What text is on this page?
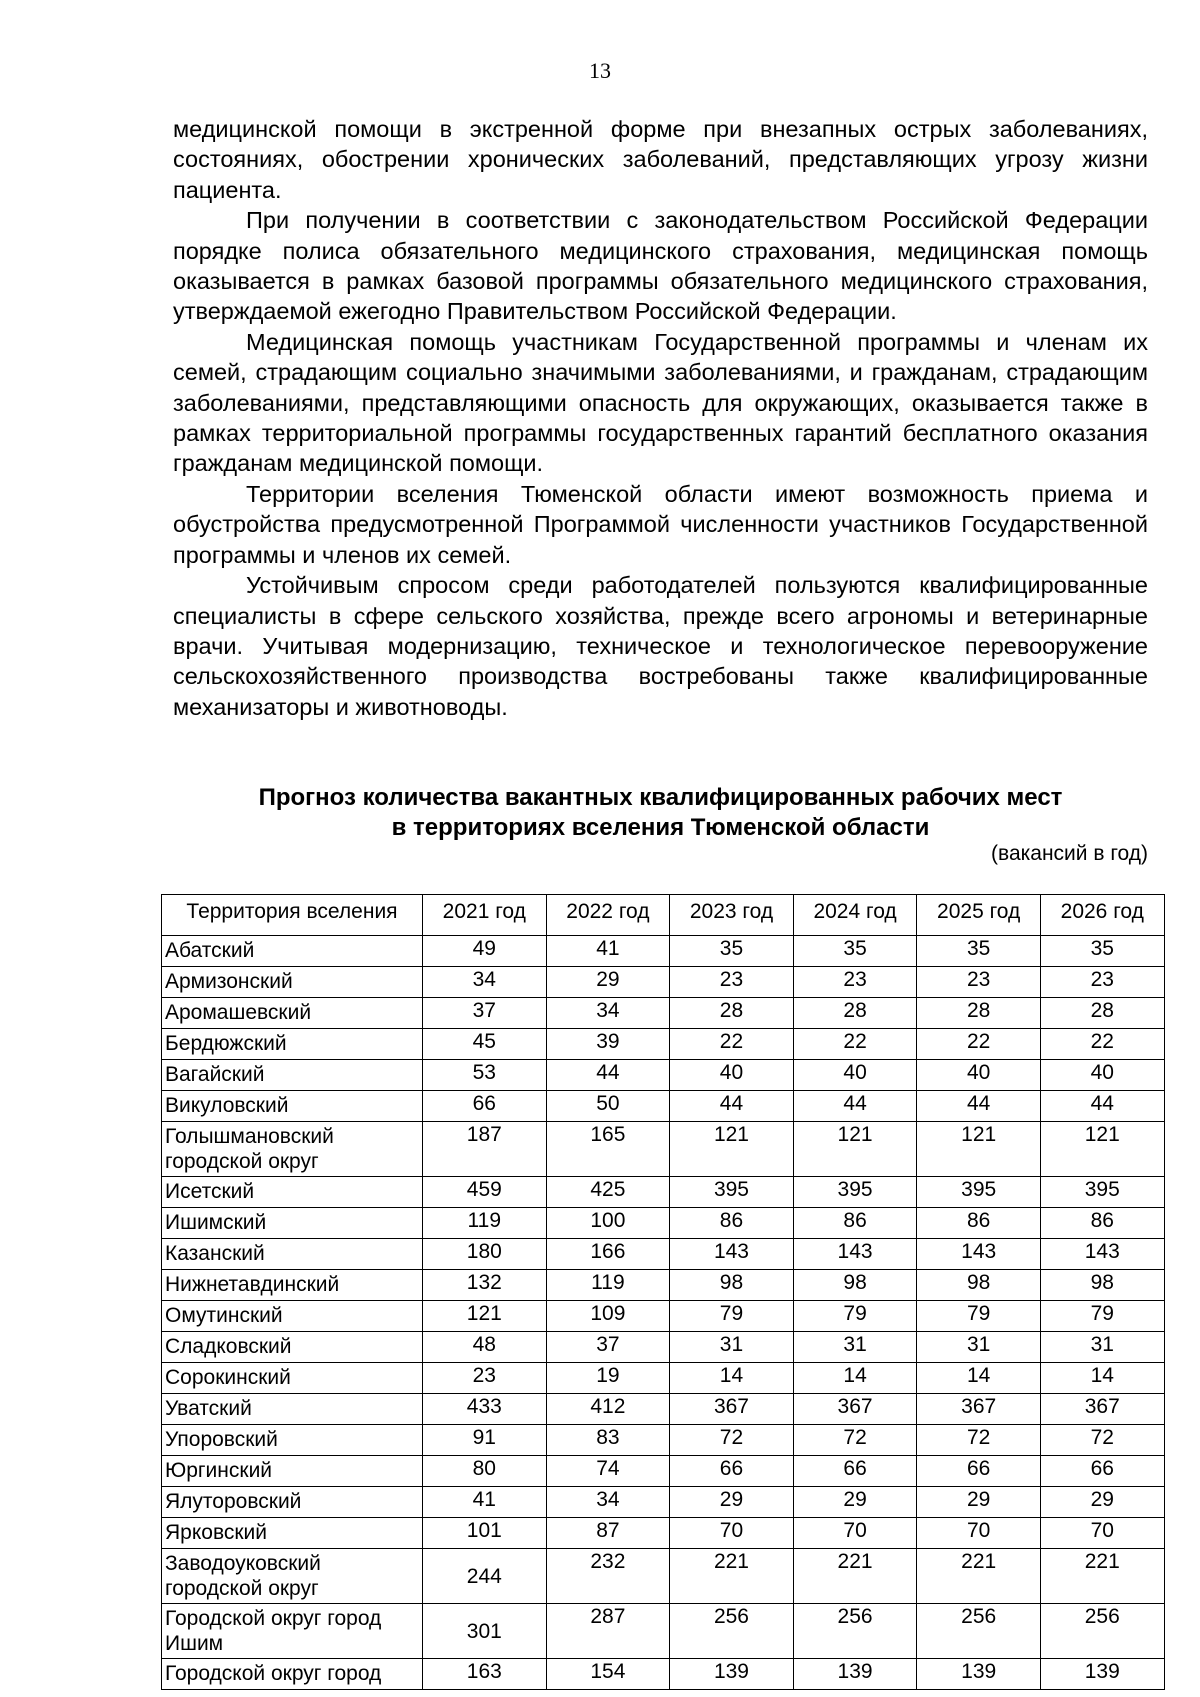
13

медицинской помощи в экстренной форме при внезапных острых заболеваниях, состояниях, обострении хронических заболеваний, представляющих угрозу жизни пациента.

При получении в соответствии с законодательством Российской Федерации порядке полиса обязательного медицинского страхования, медицинская помощь оказывается в рамках базовой программы обязательного медицинского страхования, утверждаемой ежегодно Правительством Российской Федерации.

Медицинская помощь участникам Государственной программы и членам их семей, страдающим социально значимыми заболеваниями, и гражданам, страдающим заболеваниями, представляющими опасность для окружающих, оказывается также в рамках территориальной программы государственных гарантий бесплатного оказания гражданам медицинской помощи.

Территории вселения Тюменской области имеют возможность приема и обустройства предусмотренной Программой численности участников Государственной программы и членов их семей.

Устойчивым спросом среди работодателей пользуются квалифицированные специалисты в сфере сельского хозяйства, прежде всего агрономы и ветеринарные врачи. Учитывая модернизацию, техническое и технологическое перевооружение сельскохозяйственного производства востребованы также квалифицированные механизаторы и животноводы.

Прогноз количества вакантных квалифицированных рабочих мест
в территориях вселения Тюменской области
(вакансий в год)
Территория вселения	2021 год	2022 год	2023 год	2024 год	2025 год	2026 год
Абатский	49	41	35	35	35	35
Армизонский	34	29	23	23	23	23
Аромашевский	37	34	28	28	28	28
Бердюжский	45	39	22	22	22	22
Вагайский	53	44	40	40	40	40
Викуловский	66	50	44	44	44	44
Голышмановский городской округ	187	165	121	121	121	121
Исетский	459	425	395	395	395	395
Ишимский	119	100	86	86	86	86
Казанский	180	166	143	143	143	143
Нижнетавдинский	132	119	98	98	98	98
Омутинский	121	109	79	79	79	79
Сладковский	48	37	31	31	31	31
Сорокинский	23	19	14	14	14	14
Уватский	433	412	367	367	367	367
Упоровский	91	83	72	72	72	72
Юргинский	80	74	66	66	66	66
Ялуторовский	41	34	29	29	29	29
Ярковский	101	87	70	70	70	70
Заводоуковский городской округ	244	232	221	221	221	221
Городской округ город Ишим	301	287	256	256	256	256
Городской округ город	163	154	139	139	139	139
